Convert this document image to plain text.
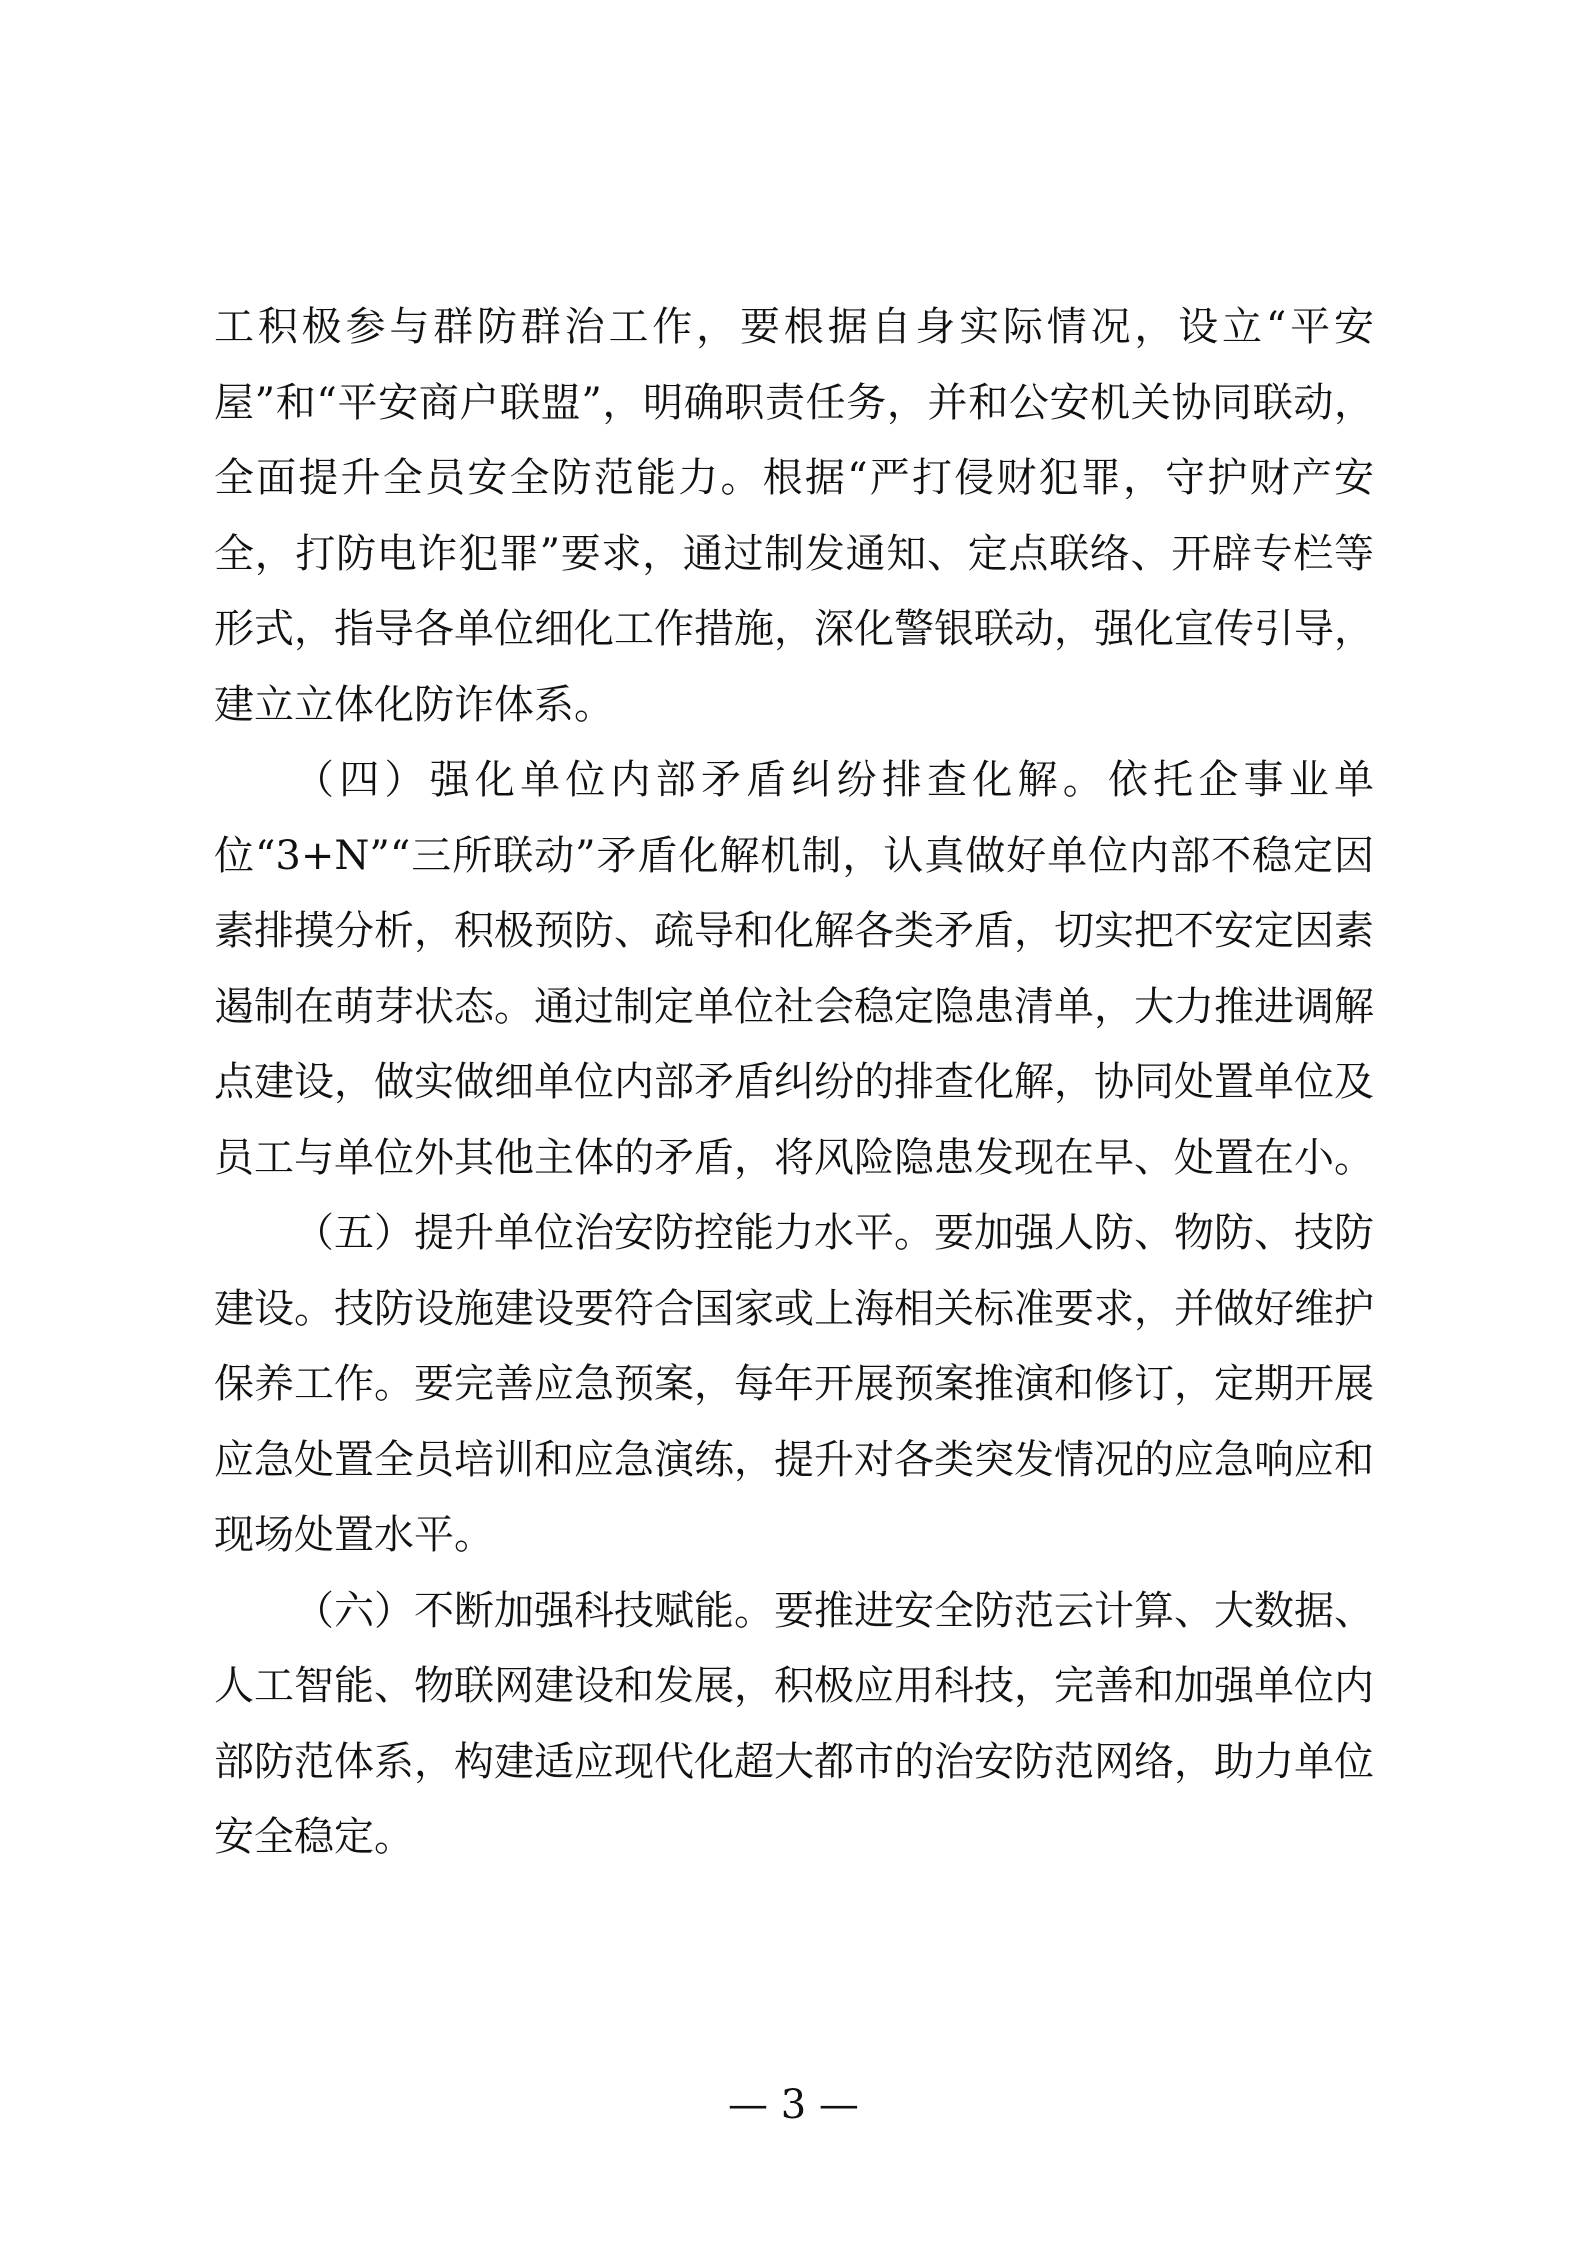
工积极参与群防群治工作，要根据自身实际情况，设立“平安屋”和“平安商户联盟”，明确职责任务，并和公安机关协同联动，全面提升全员安全防范能力。根据“严打侵财犯罪，守护财产安全，打防电诈犯罪”要求，通过制发通知、定点联络、开辟专栏等形式，指导各单位细化工作措施，深化警银联动，强化宣传引导，建立立体化防诈体系。

（四）强化单位内部矛盾纠纷排查化解。依托企事业单位“3+N”“三所联动”矛盾化解机制，认真做好单位内部不稳定因素排摸分析，积极预防、疏导和化解各类矛盾，切实把不安定因素遏制在萌芽状态。通过制定单位社会稳定隐患清单，大力推进调解点建设，做实做细单位内部矛盾纠纷的排查化解，协同处置单位及员工与单位外其他主体的矛盾，将风险隐患发现在早、处置在小。

（五）提升单位治安防控能力水平。要加强人防、物防、技防建设。技防设施建设要符合国家或上海相关标准要求，并做好维护保养工作。要完善应急预案，每年开展预案推演和修订，定期开展应急处置全员培训和应急演练，提升对各类突发情况的应急响应和现场处置水平。

（六）不断加强科技赋能。要推进安全防范云计算、大数据、人工智能、物联网建设和发展，积极应用科技，完善和加强单位内部防范体系，构建适应现代化超大都市的治安防范网络，助力单位安全稳定。

— 3 —
